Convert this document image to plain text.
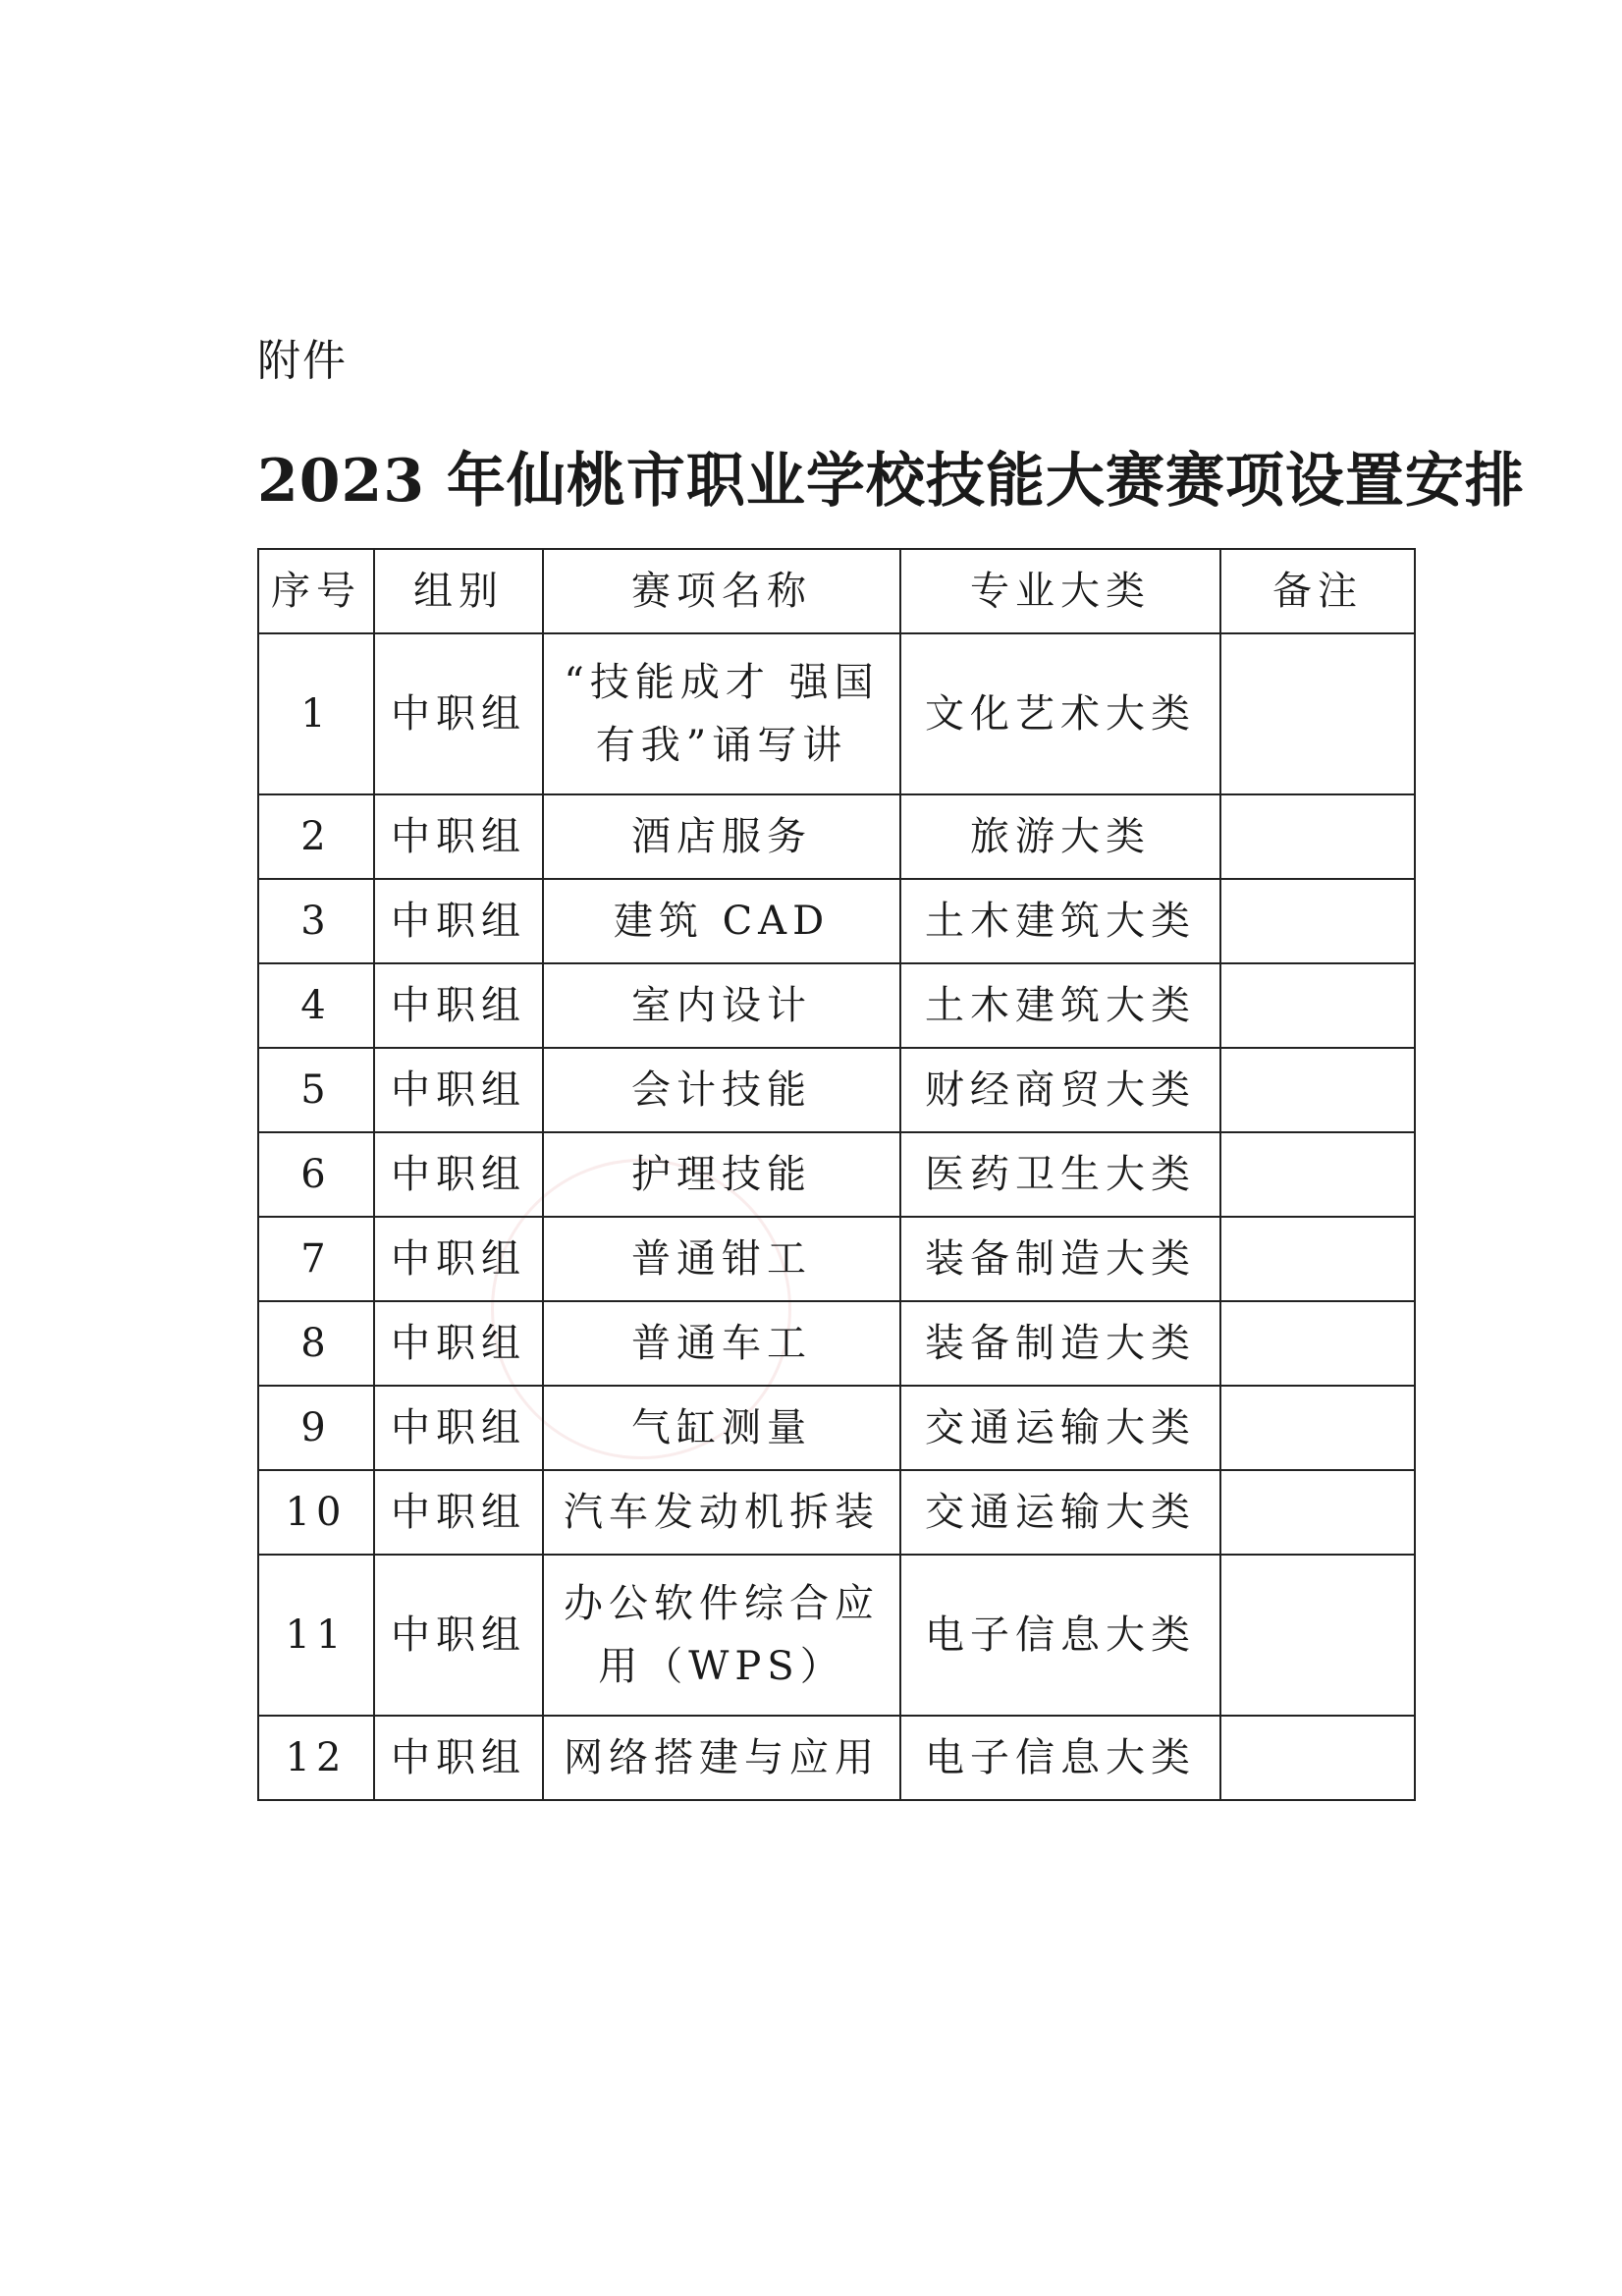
附件
2023 年仙桃市职业学校技能大赛赛项设置安排
序号	组别	赛项名称	专业大类	备注
1	中职组	“技能成才 强国有我”诵写讲	文化艺术大类	
2	中职组	酒店服务	旅游大类	
3	中职组	建筑 CAD	土木建筑大类	
4	中职组	室内设计	土木建筑大类	
5	中职组	会计技能	财经商贸大类	
6	中职组	护理技能	医药卫生大类	
7	中职组	普通钳工	装备制造大类	
8	中职组	普通车工	装备制造大类	
9	中职组	气缸测量	交通运输大类	
10	中职组	汽车发动机拆装	交通运输大类	
11	中职组	办公软件综合应用（WPS）	电子信息大类	
12	中职组	网络搭建与应用	电子信息大类	
